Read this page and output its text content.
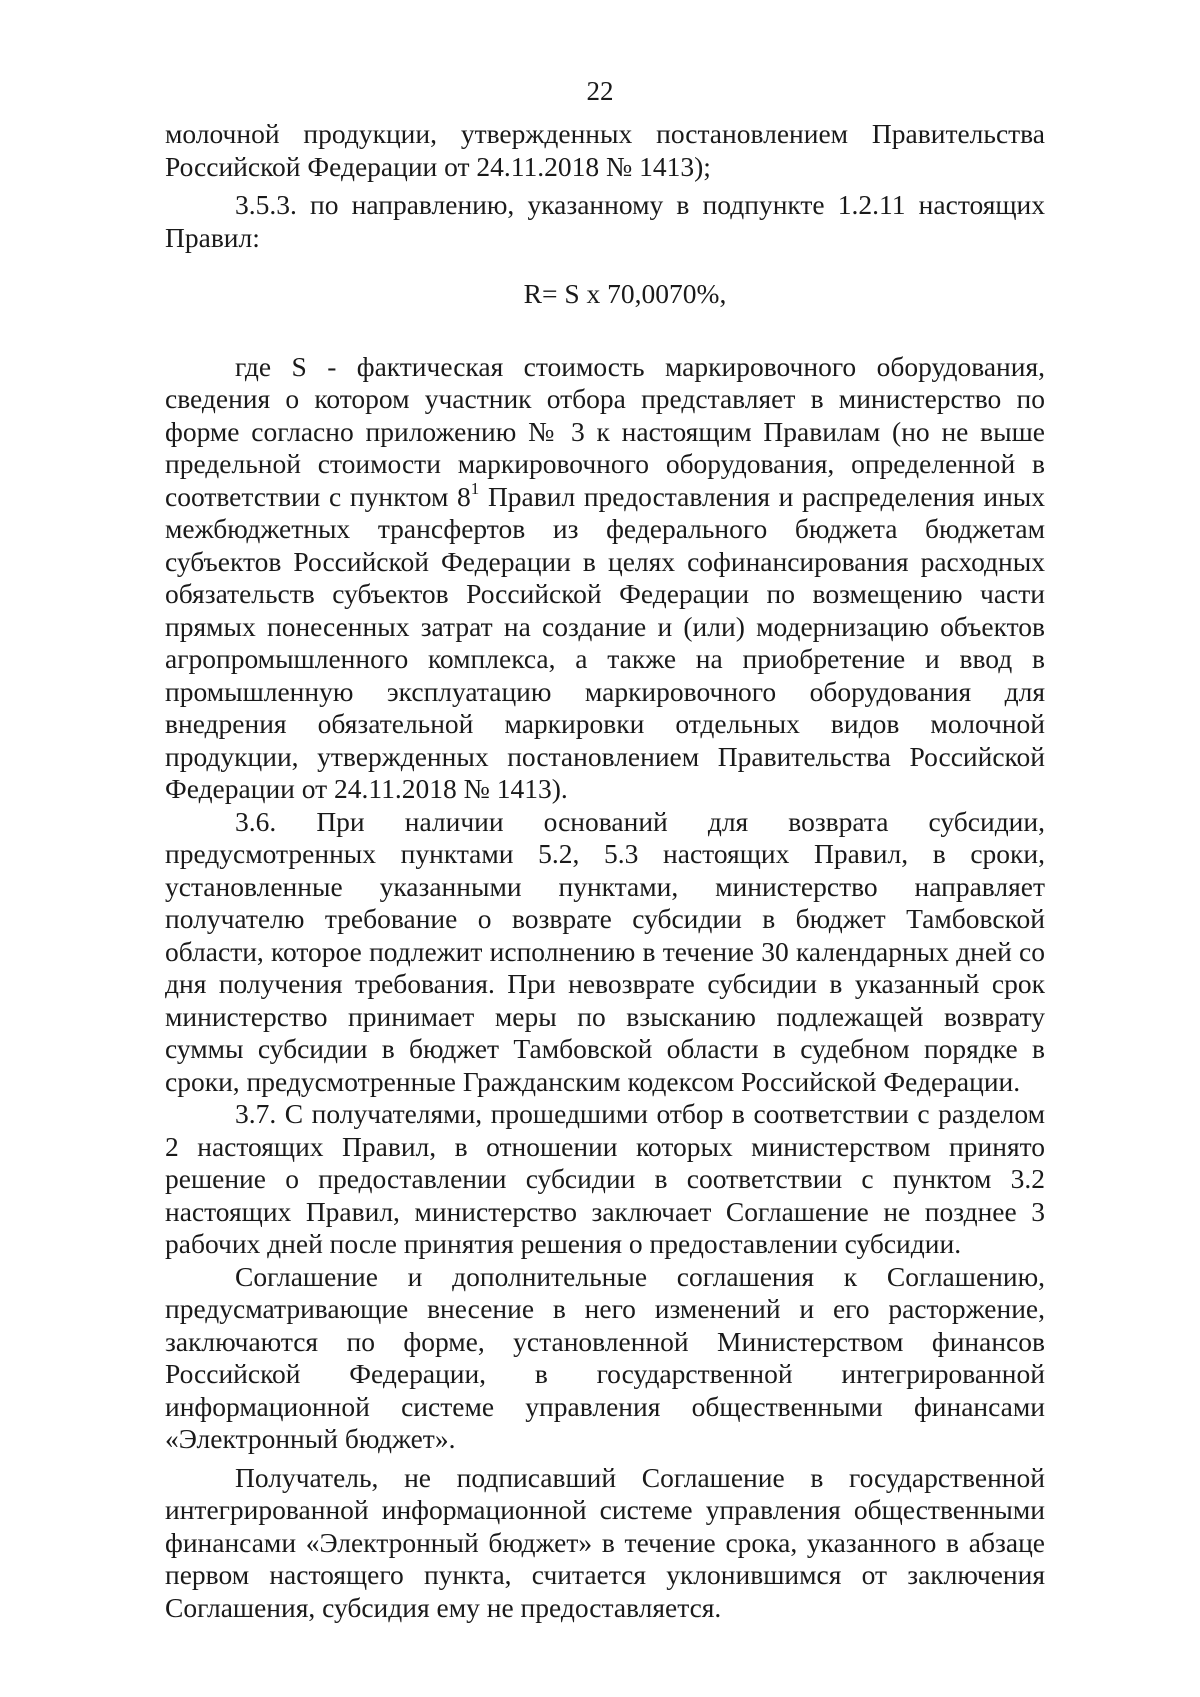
22

молочной продукции, утвержденных постановлением Правительства Российской Федерации от 24.11.2018 № 1413);

3.5.3. по направлению, указанному в подпункте 1.2.11 настоящих Правил:

R= S x 70,0070%,

где S - фактическая стоимость маркировочного оборудования, сведения о котором участник отбора представляет в министерство по форме согласно приложению № 3 к настоящим Правилам (но не выше предельной стоимости маркировочного оборудования, определенной в соответствии с пунктом $8^1$ Правил предоставления и распределения иных межбюджетных трансфертов из федерального бюджета бюджетам субъектов Российской Федерации в целях софинансирования расходных обязательств субъектов Российской Федерации по возмещению части прямых понесенных затрат на создание и (или) модернизацию объектов агропромышленного комплекса, а также на приобретение и ввод в промышленную эксплуатацию маркировочного оборудования для внедрения обязательной маркировки отдельных видов молочной продукции, утвержденных постановлением Правительства Российской Федерации от 24.11.2018 № 1413).

3.6. При наличии оснований для возврата субсидии, предусмотренных пунктами 5.2, 5.3 настоящих Правил, в сроки, установленные указанными пунктами, министерство направляет получателю требование о возврате субсидии в бюджет Тамбовской области, которое подлежит исполнению в течение 30 календарных дней со дня получения требования. При невозврате субсидии в указанный срок министерство принимает меры по взысканию подлежащей возврату суммы субсидии в бюджет Тамбовской области в судебном порядке в сроки, предусмотренные Гражданским кодексом Российской Федерации.

3.7. С получателями, прошедшими отбор в соответствии с разделом 2 настоящих Правил, в отношении которых министерством принято решение о предоставлении субсидии в соответствии с пунктом 3.2 настоящих Правил, министерство заключает Соглашение не позднее 3 рабочих дней после принятия решения о предоставлении субсидии.

Соглашение и дополнительные соглашения к Соглашению, предусматривающие внесение в него изменений и его расторжение, заключаются по форме, установленной Министерством финансов Российской Федерации, в государственной интегрированной информационной системе управления общественными финансами «Электронный бюджет».

Получатель, не подписавший Соглашение в государственной интегрированной информационной системе управления общественными финансами «Электронный бюджет» в течение срока, указанного в абзаце первом настоящего пункта, считается уклонившимся от заключения Соглашения, субсидия ему не предоставляется.
